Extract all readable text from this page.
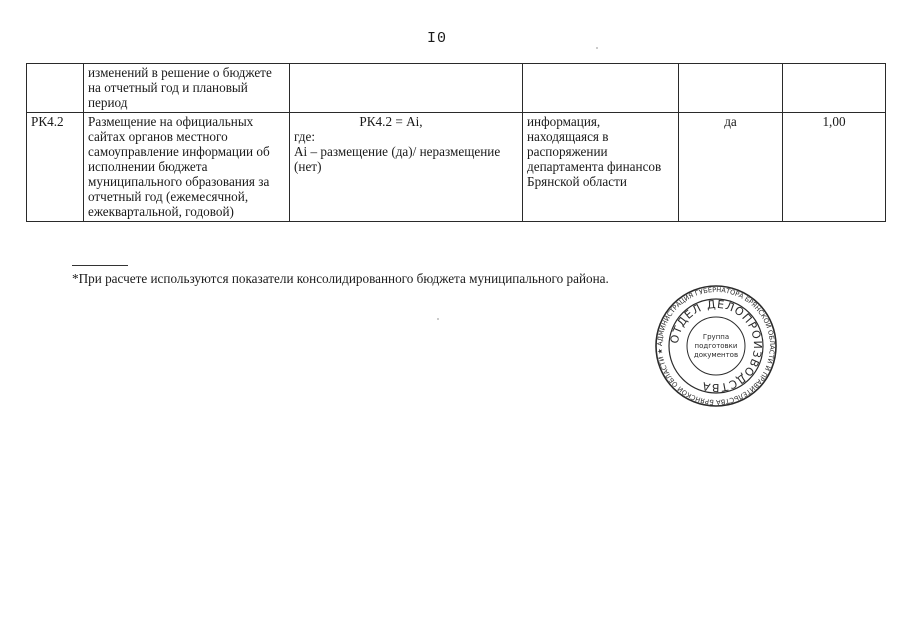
I0
	изменений в решение о бюджете на отчетный год и плановый период				
РК4.2	Размещение на официальных сайтах органов местного самоуправление информации об исполнении бюджета муниципального образования за отчетный год (ежемесячной, ежеквартальной, годовой)	РК4.2 = Ai,
где:
Ai – размещение (да)/ неразмещение (нет)	информация, находящаяся в распоряжении департамента финансов Брянской области	да	1,00
*При расчете используются показатели консолидированного бюджета муниципального района.
АДМИНИСТРАЦИЯ ГУБЕРНАТОРА БРЯНСКОЙ ОБЛАСТИ И ПРАВИТЕЛЬСТВА БРЯНСКОЙ ОБЛАСТИ ★
ОТДЕЛ ДЕЛОПРОИЗВОДСТВА
Группа
подготовки
документов
